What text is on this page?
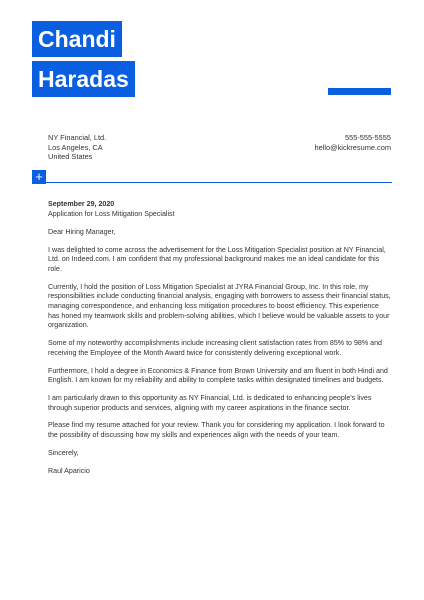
Chandi
Haradas
NY Financial, Ltd.
Los Angeles, CA
United States
555-555-5555
hello@kickresume.com
+

September 29, 2020

Application for Loss Mitigation Specialist

Dear Hiring Manager,

I was delighted to come across the advertisement for the Loss Mitigation Specialist position at NY Financial, Ltd. on Indeed.com. I am confident that my professional background makes me an ideal candidate for this role.

Currently, I hold the position of Loss Mitigation Specialist at JYRA Financial Group, Inc. In this role, my responsibilities include conducting financial analysis, engaging with borrowers to assess their financial status, managing correspondence, and enhancing loss mitigation procedures to boost efficiency. This experience has honed my teamwork skills and problem-solving abilities, which I believe would be valuable assets to your organization.

Some of my noteworthy accomplishments include increasing client satisfaction rates from 85% to 98% and receiving the Employee of the Month Award twice for consistently delivering exceptional work.

Furthermore, I hold a degree in Economics & Finance from Brown University and am fluent in both Hindi and English. I am known for my reliability and ability to complete tasks within designated timelines and budgets.

I am particularly drawn to this opportunity as NY Financial, Ltd. is dedicated to enhancing people's lives through superior products and services, aligning with my career aspirations in the finance sector.

Please find my resume attached for your review. Thank you for considering my application. I look forward to the possibility of discussing how my skills and experiences align with the needs of your team.

Sincerely,

Raul Aparicio
